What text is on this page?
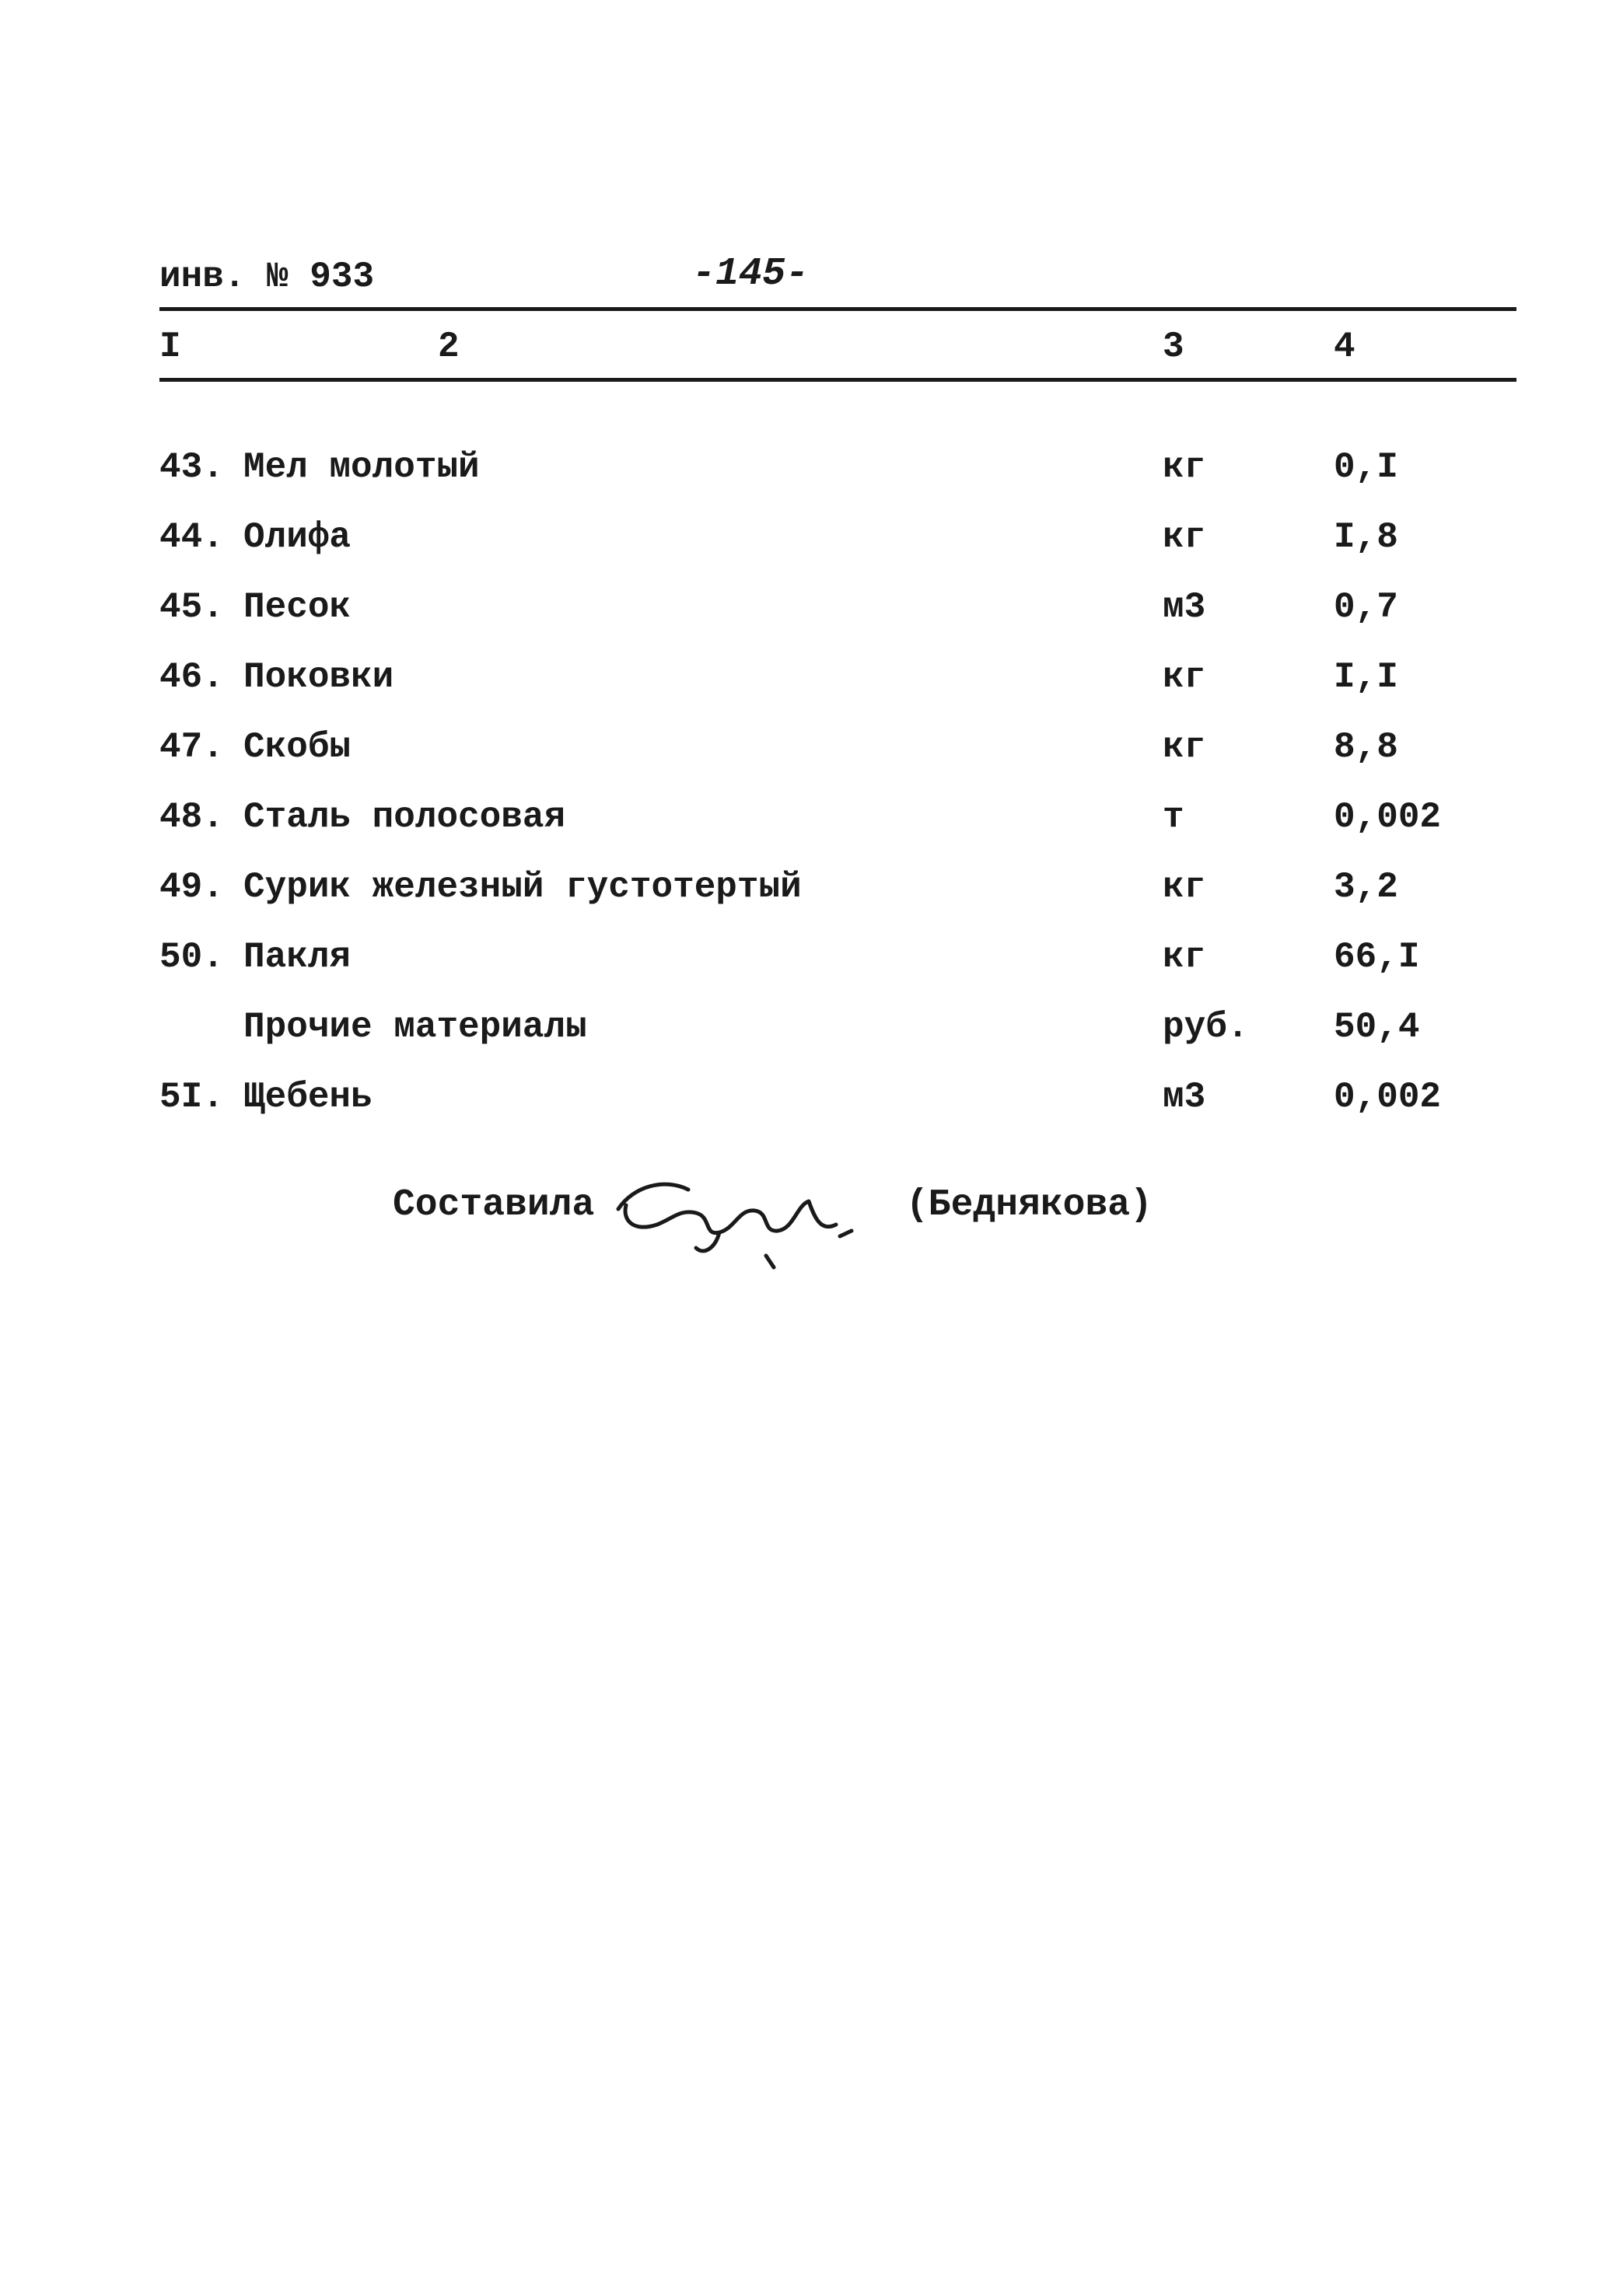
инв. № 933	-145-
I	2	3	4
43. Мел молотый	кг	0,I
44. Олифа	кг	I,8
45. Песок	м3	0,7
46. Поковки	кг	I,I
47. Скобы	кг	8,8
48. Сталь полосовая	т	0,002
49. Сурик железный густотертый	кг	3,2
50. Пакля	кг	66,I
Прочие материалы	руб. 50,4
5I. Щебень	м3	0,002
Составила	(Беднякова)
